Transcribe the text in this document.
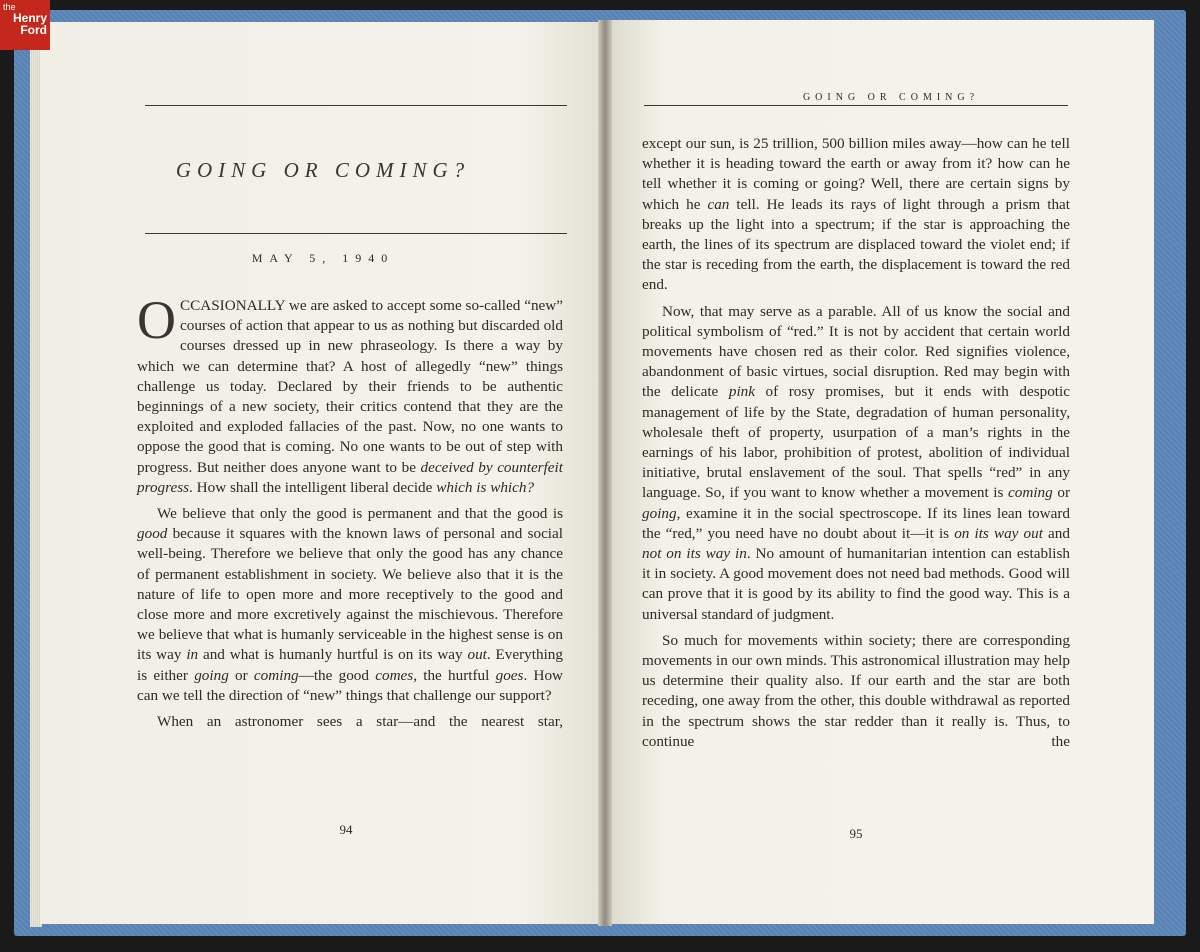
the
Henry
Ford
GOING OR COMING?
MAY 5, 1940

OCCASIONALLY we are asked to accept some so-called “new” courses of action that appear to us as nothing but discarded old courses dressed up in new phraseology. Is there a way by which we can determine that? A host of allegedly “new” things challenge us today. Declared by their friends to be authentic beginnings of a new society, their critics contend that they are the exploited and exploded fallacies of the past. Now, no one wants to oppose the good that is coming. No one wants to be out of step with progress. But neither does anyone want to be deceived by counterfeit progress. How shall the intelligent liberal decide which is which?

We believe that only the good is permanent and that the good is good because it squares with the known laws of personal and social well-being. Therefore we believe that only the good has any chance of permanent establishment in society. We believe also that it is the nature of life to open more and more receptively to the good and close more and more excretively against the mischievous. Therefore we believe that what is humanly serviceable in the highest sense is on its way in and what is humanly hurtful is on its way out. Everything is either going or coming—the good comes, the hurtful goes. How can we tell the direction of “new” things that challenge our support?

When an astronomer sees a star—and the nearest star,

94
GOING OR COMING?

except our sun, is 25 trillion, 500 billion miles away—how can he tell whether it is heading toward the earth or away from it? how can he tell whether it is coming or going? Well, there are certain signs by which he can tell. He leads its rays of light through a prism that breaks up the light into a spectrum; if the star is approaching the earth, the lines of its spectrum are displaced toward the violet end; if the star is receding from the earth, the displacement is toward the red end.

Now, that may serve as a parable. All of us know the social and political symbolism of “red.” It is not by accident that certain world movements have chosen red as their color. Red signifies violence, abandonment of basic virtues, social disruption. Red may begin with the delicate pink of rosy promises, but it ends with despotic management of life by the State, degradation of human personality, wholesale theft of property, usurpation of a man’s rights in the earnings of his labor, prohibition of protest, abolition of individual initiative, brutal enslavement of the soul. That spells “red” in any language. So, if you want to know whether a movement is coming or going, examine it in the social spectroscope. If its lines lean toward the “red,” you need have no doubt about it—it is on its way out and not on its way in. No amount of humanitarian intention can establish it in society. A good movement does not need bad methods. Good will can prove that it is good by its ability to find the good way. This is a universal standard of judgment.

So much for movements within society; there are corresponding movements in our own minds. This astronomical illustration may help us determine their quality also. If our earth and the star are both receding, one away from the other, this double withdrawal as reported in the spectrum shows the star redder than it really is. Thus, to continue the

95
